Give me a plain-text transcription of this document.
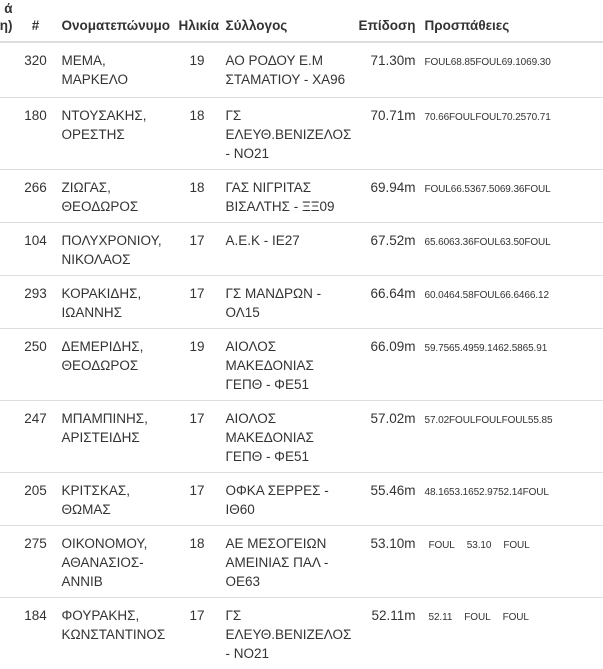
ά
η)	#	Ονοματεπώνυμο	Ηλικία	Σύλλογος	Επίδοση	Προσπάθειες
	320	ΜΕΜΑ, ΜΑΡΚΕΛΟ	19	ΑΟ ΡΟΔΟΥ Ε.Μ ΣΤΑΜΑΤΙΟΥ - ΧΑ96	71.30m	FOUL68.85FOUL69.1069.30
	180	ΝΤΟΥΣΑΚΗΣ, ΟΡΕΣΤΗΣ	18	ΓΣ ΕΛΕΥΘ.ΒΕΝΙΖΕΛΟΣ - ΝΟ21	70.71m	70.66FOULFOUL70.2570.71
	266	ΖΙΩΓΑΣ, ΘΕΟΔΩΡΟΣ	18	ΓΑΣ ΝΙΓΡΙΤΑΣ ΒΙΣΑΛΤΗΣ - ΞΞ09	69.94m	FOUL66.5367.5069.36FOUL
	104	ΠΟΛΥΧΡΟΝΙΟΥ, ΝΙΚΟΛΑΟΣ	17	Α.Ε.Κ - ΙΕ27	67.52m	65.6063.36FOUL63.50FOUL
	293	ΚΟΡΑΚΙΔΗΣ, ΙΩΑΝΝΗΣ	17	ΓΣ ΜΑΝΔΡΩΝ - ΟΛ15	66.64m	60.0464.58FOUL66.6466.12
	250	ΔΕΜΕΡΙΔΗΣ, ΘΕΟΔΩΡΟΣ	19	ΑΙΟΛΟΣ ΜΑΚΕΔΟΝΙΑΣ ΓΕΠΘ - ΦΕ51	66.09m	59.7565.4959.1462.5865.91
	247	ΜΠΑΜΠΙΝΗΣ, ΑΡΙΣΤΕΙΔΗΣ	17	ΑΙΟΛΟΣ ΜΑΚΕΔΟΝΙΑΣ ΓΕΠΘ - ΦΕ51	57.02m	57.02FOULFOULFOUL55.85
	205	ΚΡΙΤΣΚΑΣ, ΘΩΜΑΣ	17	ΟΦΚΑ ΣΕΡΡΕΣ - ΙΘ60	55.46m	48.1653.1652.9752.14FOUL
	275	ΟΙΚΟΝΟΜΟΥ, ΑΘΑΝΑΣΙΟΣ-ΑΝΝΙΒ	18	ΑΕ ΜΕΣΟΓΕΙΩΝ ΑΜΕΙΝΙΑΣ ΠΑΛ - ΟΕ63	53.10m	FOUL 53.10 FOUL
	184	ΦΟΥΡΑΚΗΣ, ΚΩΝΣΤΑΝΤΙΝΟΣ	17	ΓΣ ΕΛΕΥΘ.ΒΕΝΙΖΕΛΟΣ - ΝΟ21	52.11m	52.11 FOUL FOUL
